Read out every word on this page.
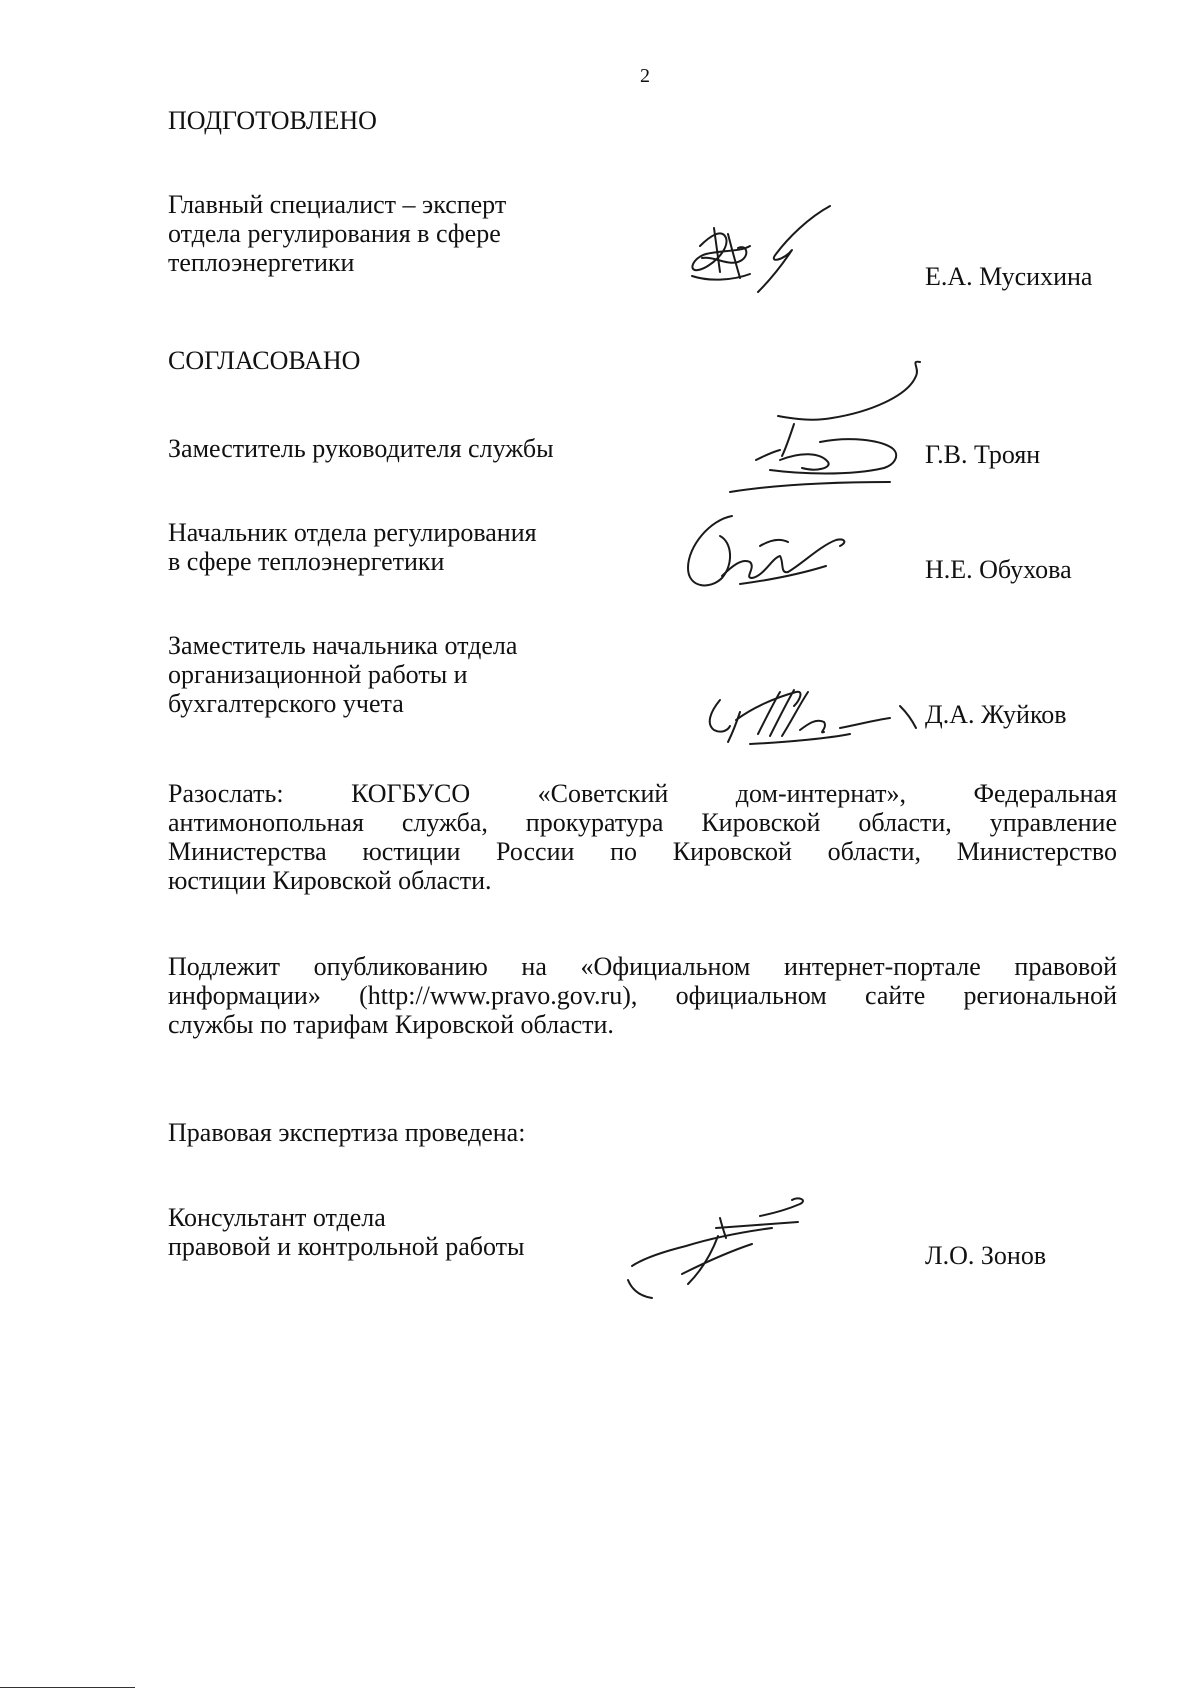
2
ПОДГОТОВЛЕНО
Главный специалист – эксперт
отдела регулирования в сфере
теплоэнергетики	Е.А. Мусихина
СОГЛАСОВАНО
Заместитель руководителя службы	Г.В. Троян
Начальник отдела регулирования
в сфере теплоэнергетики	Н.Е. Обухова
Заместитель начальника отдела
организационной работы и
бухгалтерского учета	Д.А. Жуйков
Разослать: КОГБУСО «Советский дом-интернат», Федеральная
антимонопольная служба, прокуратура Кировской области, управление
Министерства юстиции России по Кировской области, Министерство
юстиции Кировской области.
Подлежит опубликованию на «Официальном интернет-портале правовой
информации» (http://www.pravo.gov.ru), официальном сайте региональной
службы по тарифам Кировской области.
Правовая экспертиза проведена:
Консультант отдела
правовой и контрольной работы	Л.О. Зонов
